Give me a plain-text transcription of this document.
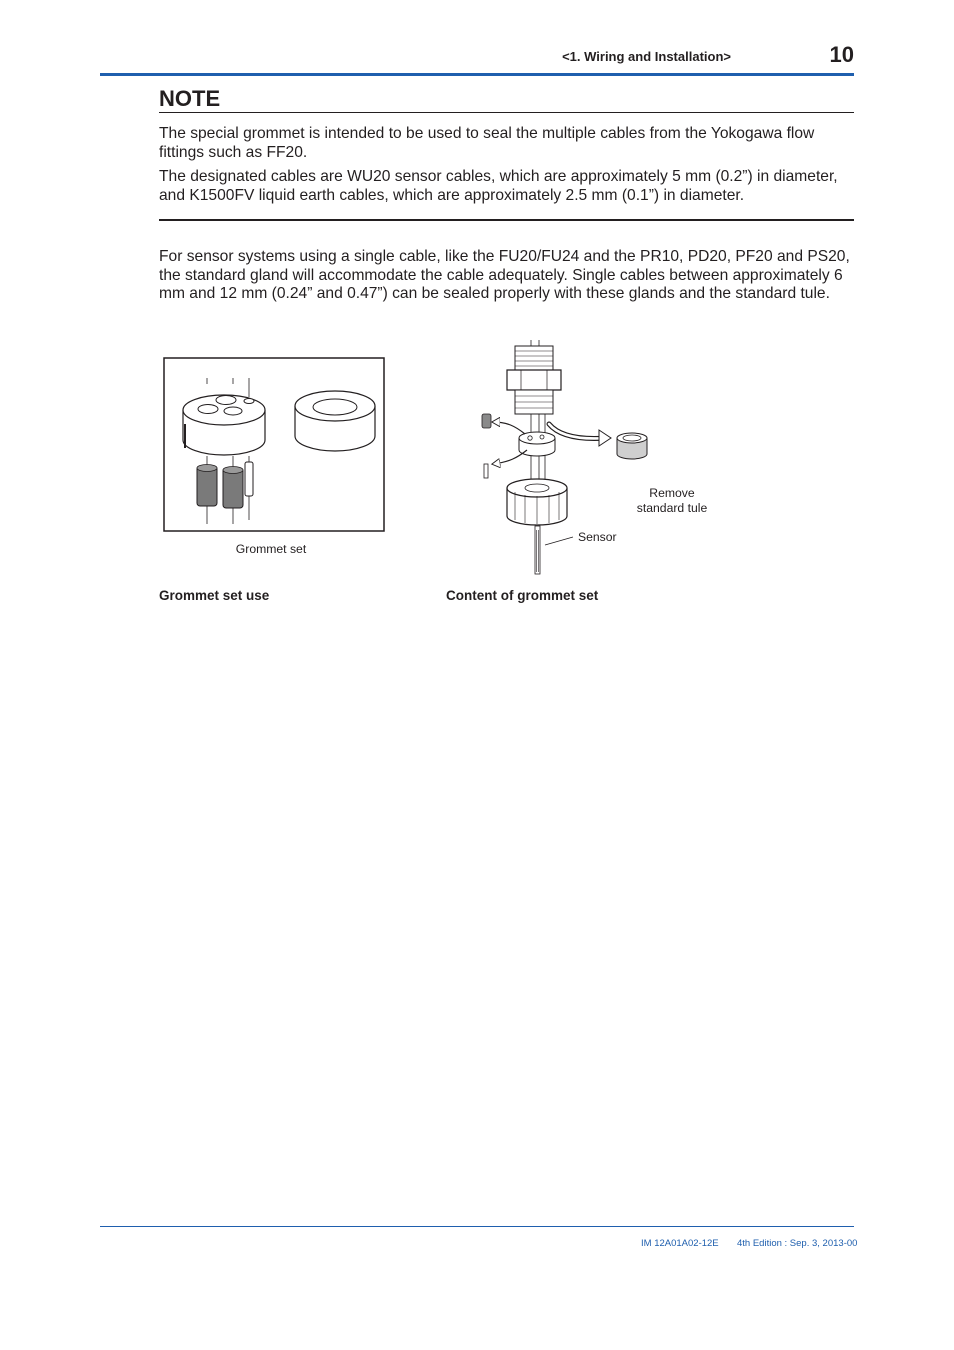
<1. Wiring and Installation>	10
NOTE

The special grommet is intended to be used to seal the multiple cables from the Yokogawa flow fittings such as FF20.

The designated cables are WU20 sensor cables, which are approximately 5 mm (0.2”) in diameter, and K1500FV liquid earth cables, which are approximately 2.5 mm (0.1”) in diameter.

For sensor systems using a single cable, like the FU20/FU24 and the PR10, PD20, PF20 and PS20, the standard gland will accommodate the cable adequately. Single cables between approximately 6 mm and 12 mm (0.24” and 0.47”) can be sealed properly with these glands and the standard tule.

Grommet set
Remove
standard tule
Sensor
Grommet set use	Content of grommet set
IM 12A01A02-12E 4th Edition : Sep. 3, 2013-00
